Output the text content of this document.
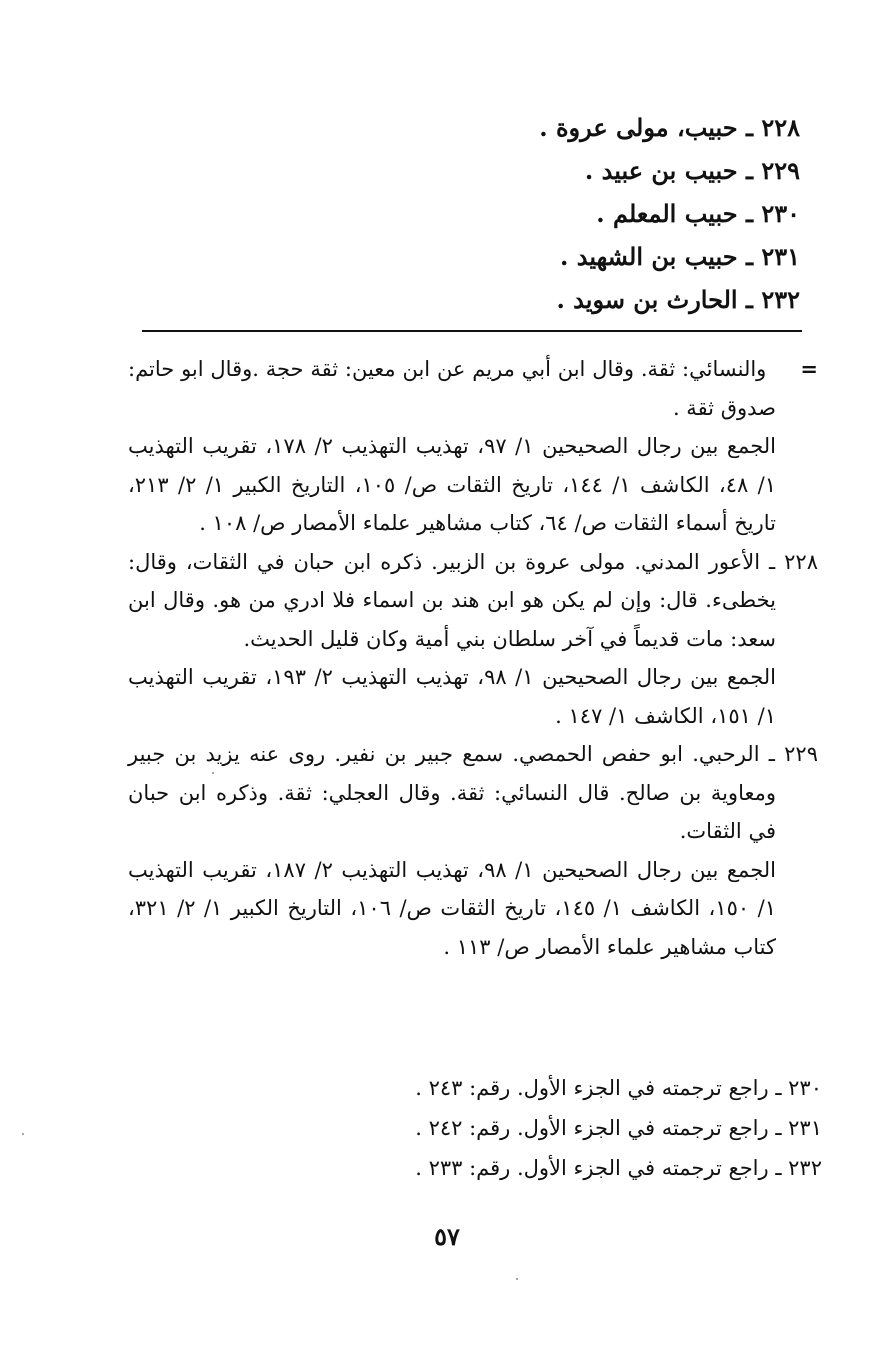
٢٢٨ ـ حبيب، مولى عروة .
٢٢٩ ـ حبيب بن عبيد .
٢٣٠ ـ حبيب المعلم .
٢٣١ ـ حبيب بن الشهيد .
٢٣٢ ـ الحارث بن سويد .

=     والنسائي: ثقة. وقال ابن أبي مريم عن ابن معين: ثقة حجة .وقال ابو حاتم: صدوق ثقة .

الجمع بين رجال الصحيحين ١/ ٩٧، تهذيب التهذيب ٢/ ١٧٨، تقريب التهذيب ١/ ٤٨، الكاشف ١/ ١٤٤، تاريخ الثقات ص/ ١٠٥، التاريخ الكبير ١/ ٢/ ٢١٣، تاريخ أسماء الثقات ص/ ٦٤، كتاب مشاهير علماء الأمصار ص/ ١٠٨ .

٢٢٨ ـ الأعور المدني. مولى عروة بن الزبير. ذكره ابن حبان في الثقات، وقال: يخطىء. قال: وإن لم يكن هو ابن هند بن اسماء فلا ادري من هو. وقال ابن سعد: مات قديماً في آخر سلطان بني أمية وكان قليل الحديث.

الجمع بين رجال الصحيحين ١/ ٩٨، تهذيب التهذيب ٢/ ١٩٣، تقريب التهذيب ١/ ١٥١، الكاشف ١/ ١٤٧ .

٢٢٩ ـ الرحبي. ابو حفص الحمصي. سمع جبير بن نفير. روى عنه يزيد بن جبير ومعاوية بن صالح. قال النسائي: ثقة. وقال العجلي: ثقة. وذكره ابن حبان في الثقات.

الجمع بين رجال الصحيحين ١/ ٩٨، تهذيب التهذيب ٢/ ١٨٧، تقريب التهذيب ١/ ١٥٠، الكاشف ١/ ١٤٥، تاريخ الثقات ص/ ١٠٦، التاريخ الكبير ١/ ٢/ ٣٢١، كتاب مشاهير علماء الأمصار ص/ ١١٣ .

٢٣٠ ـ راجع ترجمته في الجزء الأول. رقم: ٢٤٣ .
٢٣١ ـ راجع ترجمته في الجزء الأول. رقم: ٢٤٢ .
٢٣٢ ـ راجع ترجمته في الجزء الأول. رقم: ٢٣٣ .
٥٧
